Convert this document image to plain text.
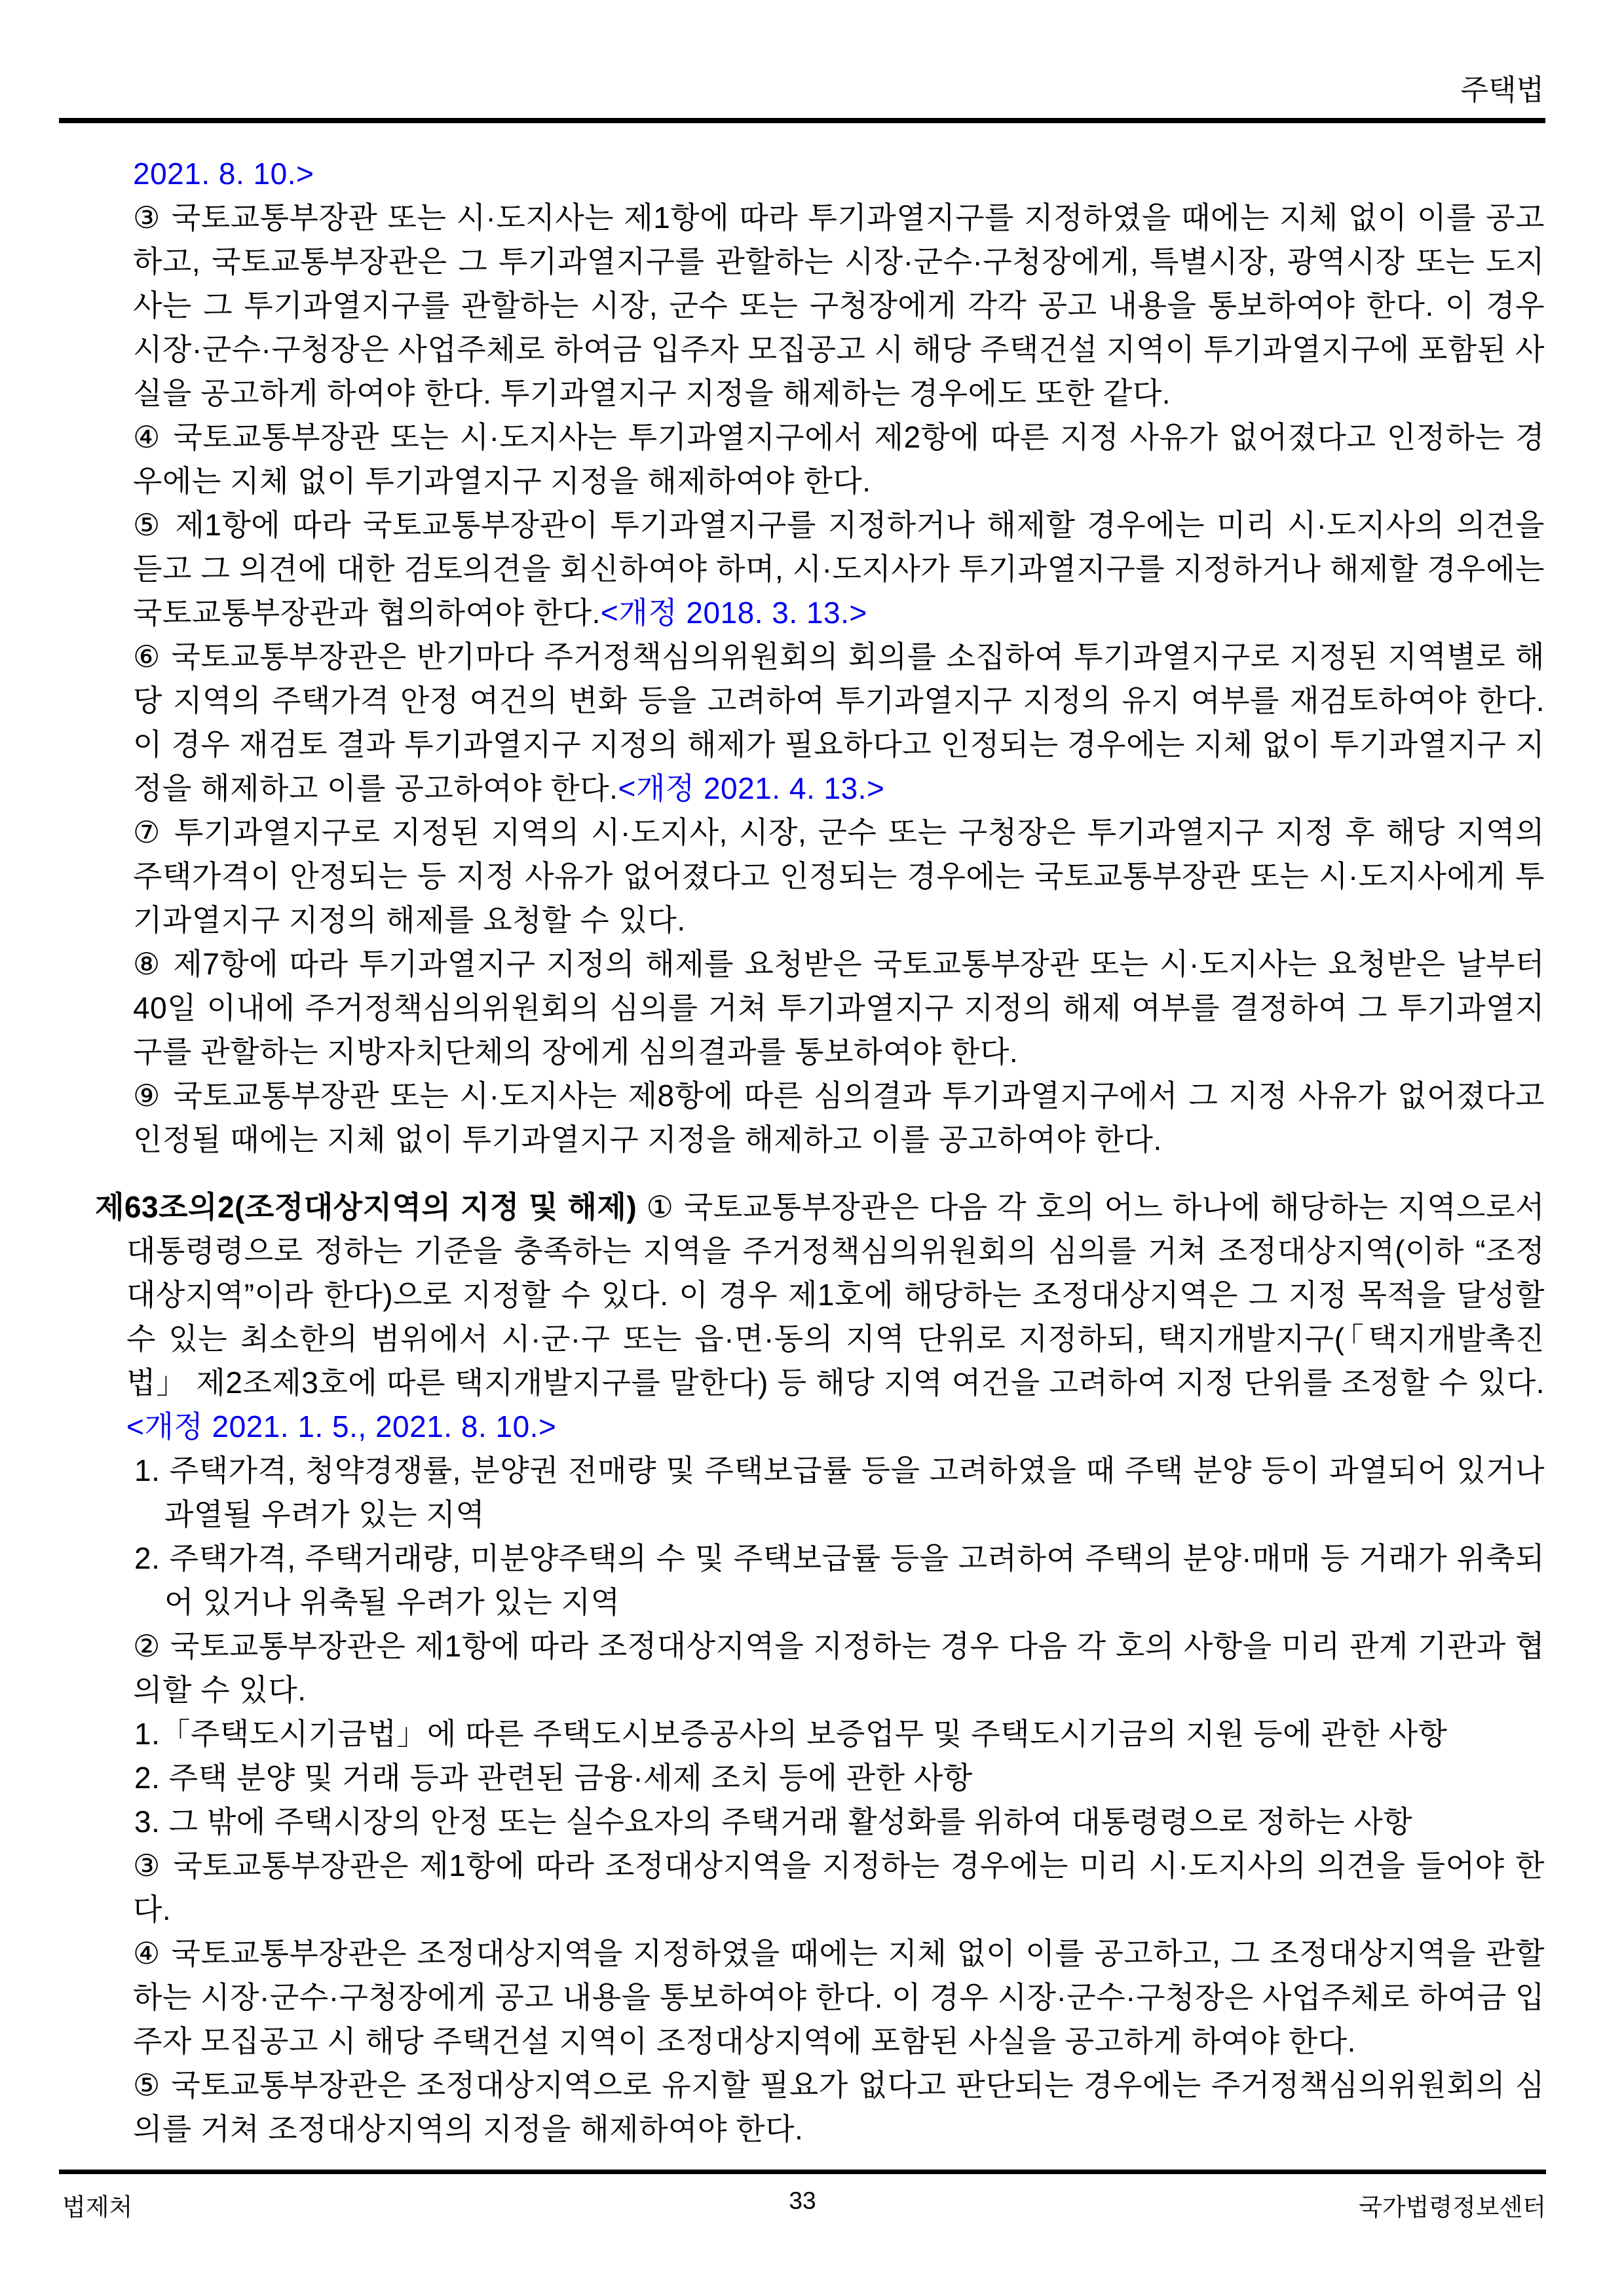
주택법

2021. 8. 10.>

③ 국토교통부장관 또는 시·도지사는 제1항에 따라 투기과열지구를 지정하였을 때에는 지체 없이 이를 공고하고, 국토교통부장관은 그 투기과열지구를 관할하는 시장·군수·구청장에게, 특별시장, 광역시장 또는 도지사는 그 투기과열지구를 관할하는 시장, 군수 또는 구청장에게 각각 공고 내용을 통보하여야 한다. 이 경우 시장·군수·구청장은 사업주체로 하여금 입주자 모집공고 시 해당 주택건설 지역이 투기과열지구에 포함된 사실을 공고하게 하여야 한다. 투기과열지구 지정을 해제하는 경우에도 또한 같다.

④ 국토교통부장관 또는 시·도지사는 투기과열지구에서 제2항에 따른 지정 사유가 없어졌다고 인정하는 경우에는 지체 없이 투기과열지구 지정을 해제하여야 한다.

⑤ 제1항에 따라 국토교통부장관이 투기과열지구를 지정하거나 해제할 경우에는 미리 시·도지사의 의견을 듣고 그 의견에 대한 검토의견을 회신하여야 하며, 시·도지사가 투기과열지구를 지정하거나 해제할 경우에는 국토교통부장관과 협의하여야 한다.<개정 2018. 3. 13.>

⑥ 국토교통부장관은 반기마다 주거정책심의위원회의 회의를 소집하여 투기과열지구로 지정된 지역별로 해당 지역의 주택가격 안정 여건의 변화 등을 고려하여 투기과열지구 지정의 유지 여부를 재검토하여야 한다. 이 경우 재검토 결과 투기과열지구 지정의 해제가 필요하다고 인정되는 경우에는 지체 없이 투기과열지구 지정을 해제하고 이를 공고하여야 한다.<개정 2021. 4. 13.>

⑦ 투기과열지구로 지정된 지역의 시·도지사, 시장, 군수 또는 구청장은 투기과열지구 지정 후 해당 지역의 주택가격이 안정되는 등 지정 사유가 없어졌다고 인정되는 경우에는 국토교통부장관 또는 시·도지사에게 투기과열지구 지정의 해제를 요청할 수 있다.

⑧ 제7항에 따라 투기과열지구 지정의 해제를 요청받은 국토교통부장관 또는 시·도지사는 요청받은 날부터 40일 이내에 주거정책심의위원회의 심의를 거쳐 투기과열지구 지정의 해제 여부를 결정하여 그 투기과열지구를 관할하는 지방자치단체의 장에게 심의결과를 통보하여야 한다.

⑨ 국토교통부장관 또는 시·도지사는 제8항에 따른 심의결과 투기과열지구에서 그 지정 사유가 없어졌다고 인정될 때에는 지체 없이 투기과열지구 지정을 해제하고 이를 공고하여야 한다.

제63조의2(조정대상지역의 지정 및 해제) ① 국토교통부장관은 다음 각 호의 어느 하나에 해당하는 지역으로서 대통령령으로 정하는 기준을 충족하는 지역을 주거정책심의위원회의 심의를 거쳐 조정대상지역(이하 “조정대상지역”이라 한다)으로 지정할 수 있다. 이 경우 제1호에 해당하는 조정대상지역은 그 지정 목적을 달성할 수 있는 최소한의 범위에서 시·군·구 또는 읍·면·동의 지역 단위로 지정하되, 택지개발지구(「택지개발촉진법」 제2조제3호에 따른 택지개발지구를 말한다) 등 해당 지역 여건을 고려하여 지정 단위를 조정할 수 있다. <개정 2021. 1. 5., 2021. 8. 10.>

1. 주택가격, 청약경쟁률, 분양권 전매량 및 주택보급률 등을 고려하였을 때 주택 분양 등이 과열되어 있거나 과열될 우려가 있는 지역

2. 주택가격, 주택거래량, 미분양주택의 수 및 주택보급률 등을 고려하여 주택의 분양·매매 등 거래가 위축되어 있거나 위축될 우려가 있는 지역

② 국토교통부장관은 제1항에 따라 조정대상지역을 지정하는 경우 다음 각 호의 사항을 미리 관계 기관과 협의할 수 있다.

1.「주택도시기금법」에 따른 주택도시보증공사의 보증업무 및 주택도시기금의 지원 등에 관한 사항

2. 주택 분양 및 거래 등과 관련된 금융·세제 조치 등에 관한 사항

3. 그 밖에 주택시장의 안정 또는 실수요자의 주택거래 활성화를 위하여 대통령령으로 정하는 사항

③ 국토교통부장관은 제1항에 따라 조정대상지역을 지정하는 경우에는 미리 시·도지사의 의견을 들어야 한다.

④ 국토교통부장관은 조정대상지역을 지정하였을 때에는 지체 없이 이를 공고하고, 그 조정대상지역을 관할하는 시장·군수·구청장에게 공고 내용을 통보하여야 한다. 이 경우 시장·군수·구청장은 사업주체로 하여금 입주자 모집공고 시 해당 주택건설 지역이 조정대상지역에 포함된 사실을 공고하게 하여야 한다.

⑤ 국토교통부장관은 조정대상지역으로 유지할 필요가 없다고 판단되는 경우에는 주거정책심의위원회의 심의를 거쳐 조정대상지역의 지정을 해제하여야 한다.

법제처	33	국가법령정보센터
